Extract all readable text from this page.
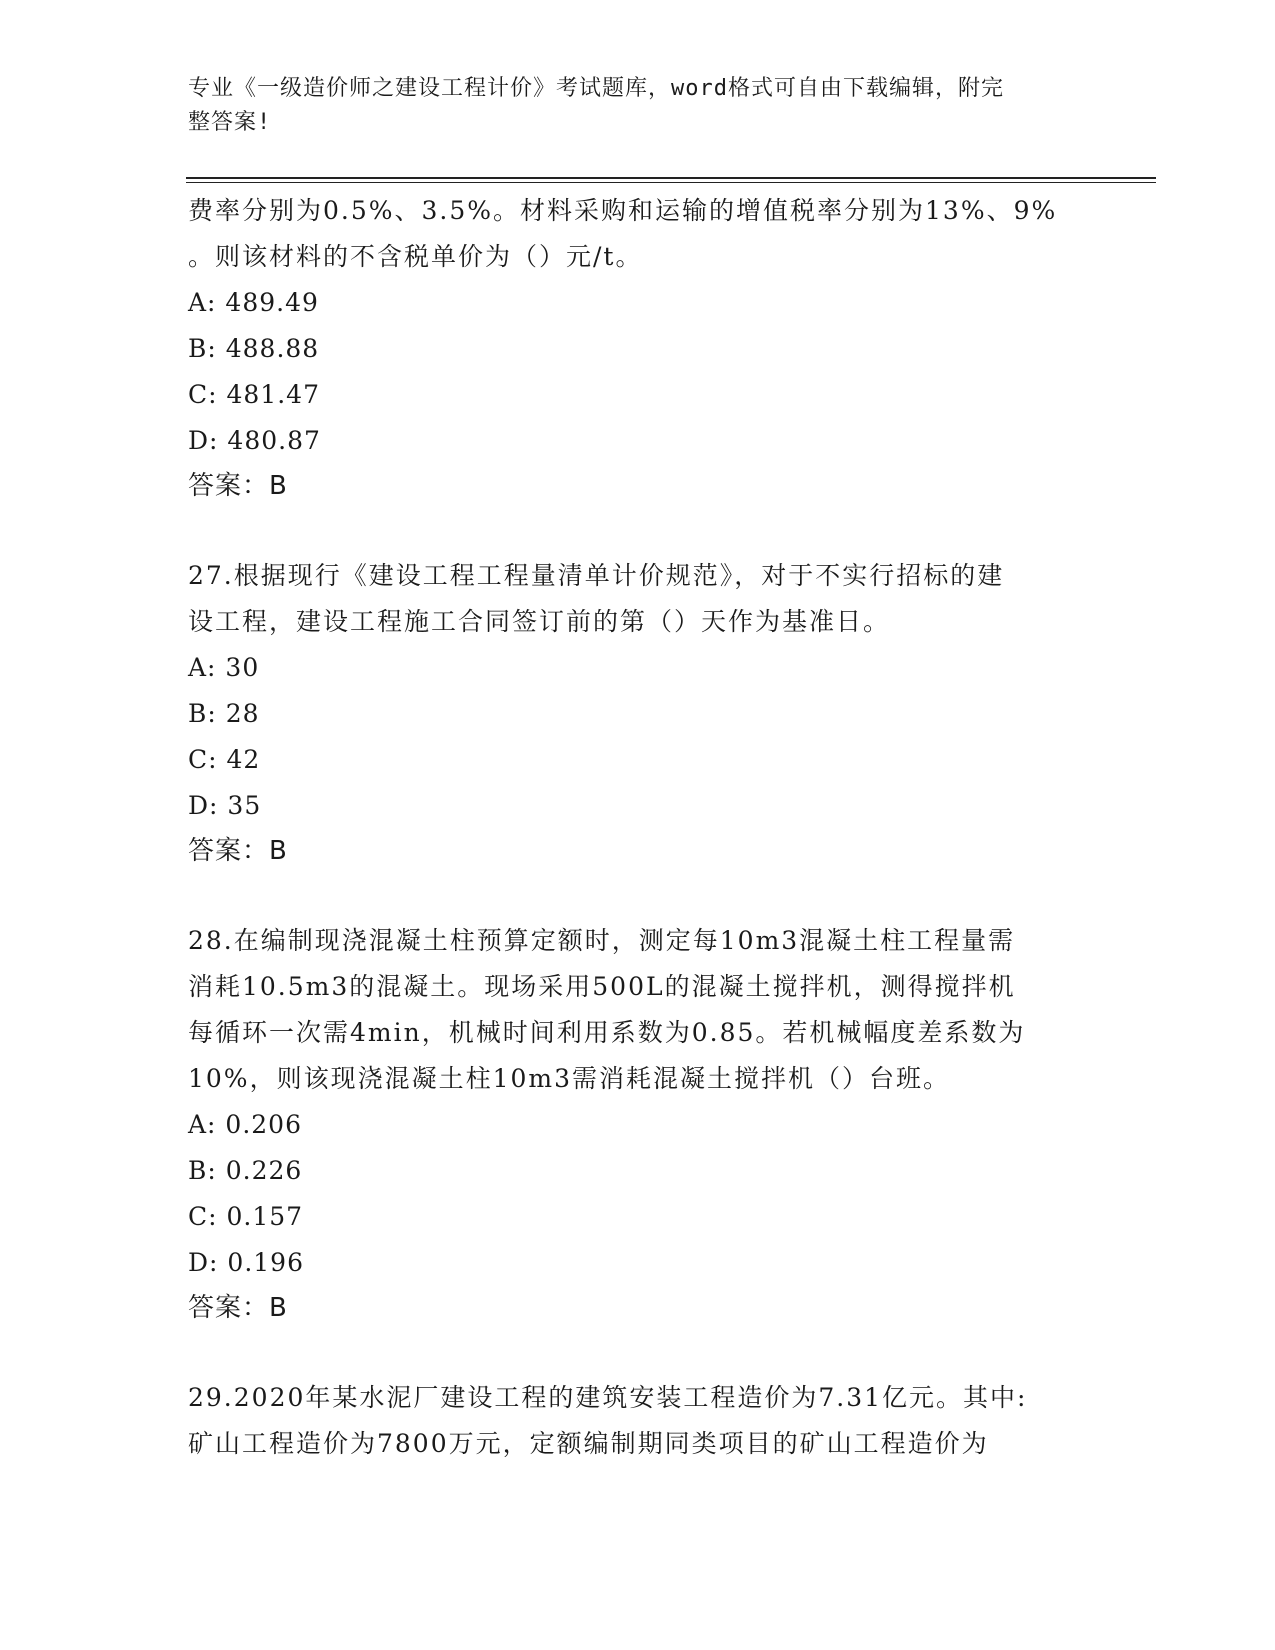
专业《一级造价师之建设工程计价》考试题库，word格式可自由下载编辑，附完
整答案!

费率分别为0.5%、3.5%。材料采购和运输的增值税率分别为13%、9%

。则该材料的不含税单价为（）元/t。

A: 489.49

B: 488.88

C: 481.47

D: 480.87

答案：B

27.根据现行《建设工程工程量清单计价规范》，对于不实行招标的建

设工程，建设工程施工合同签订前的第（）天作为基准日。

A: 30

B: 28

C: 42

D: 35

答案：B

28.在编制现浇混凝土柱预算定额时，测定每10m3混凝土柱工程量需

消耗10.5m3的混凝土。现场采用500L的混凝土搅拌机，测得搅拌机

每循环一次需4min，机械时间利用系数为0.85。若机械幅度差系数为

10%，则该现浇混凝土柱10m3需消耗混凝土搅拌机（）台班。

A: 0.206

B: 0.226

C: 0.157

D: 0.196

答案：B

29.2020年某水泥厂建设工程的建筑安装工程造价为7.31亿元。其中:

矿山工程造价为7800万元，定额编制期同类项目的矿山工程造价为
